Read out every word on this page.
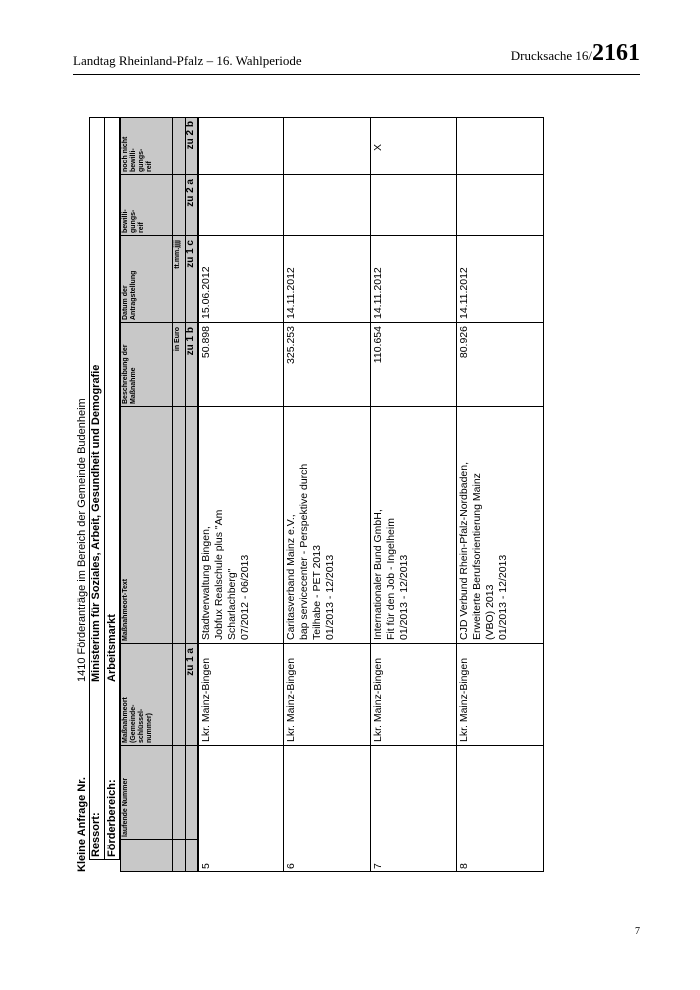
Landtag Rheinland-Pfalz – 16. Wahlperiode	Drucksache 16/2161
Kleine Anfrage Nr.
1410 Förderanträge im Bereich der Gemeinde Budenheim
Ressort:
Ministerium für Soziales, Arbeit, Gesundheit und Demografie
Förderbereich:
Arbeitsmarkt
laufende Nummer
Maßnahmeort (Gemeinde- schlüssel- nummer)
Maßnahmeort-Text
Beschreibung der Maßnahme
Datum der Antragstellung
bewilli- gungs- reif
noch nicht bewilli- gungs- reif
in Euro
tt.mm.jjjj
zu 1 a
zu 1 b
zu 1 c
zu 2 a
zu 2 b
5
Lkr. Mainz-Bingen
Stadtverwaltung Bingen, Jobfux Realschule plus "Am Scharlachberg" 07/2012 - 06/2013
50.898
15.06.2012
6
Lkr. Mainz-Bingen
Caritasverband Mainz e.V., bap servicecenter - Perspektive durch Teilhabe - PET 2013 01/2013 - 12/2013
325.253
14.11.2012
7
Lkr. Mainz-Bingen
Internationaler Bund GmbH, Fit für den Job - Ingelheim 01/2013 - 12/2013
110.654
14.11.2012
X
8
Lkr. Mainz-Bingen
CJD Verbund Rhein-Pfalz-Nordbaden, Erweiterte Berufsorientierung Mainz (VBO) 2013 01/2013 - 12/2013
80.926
14.11.2012
7
